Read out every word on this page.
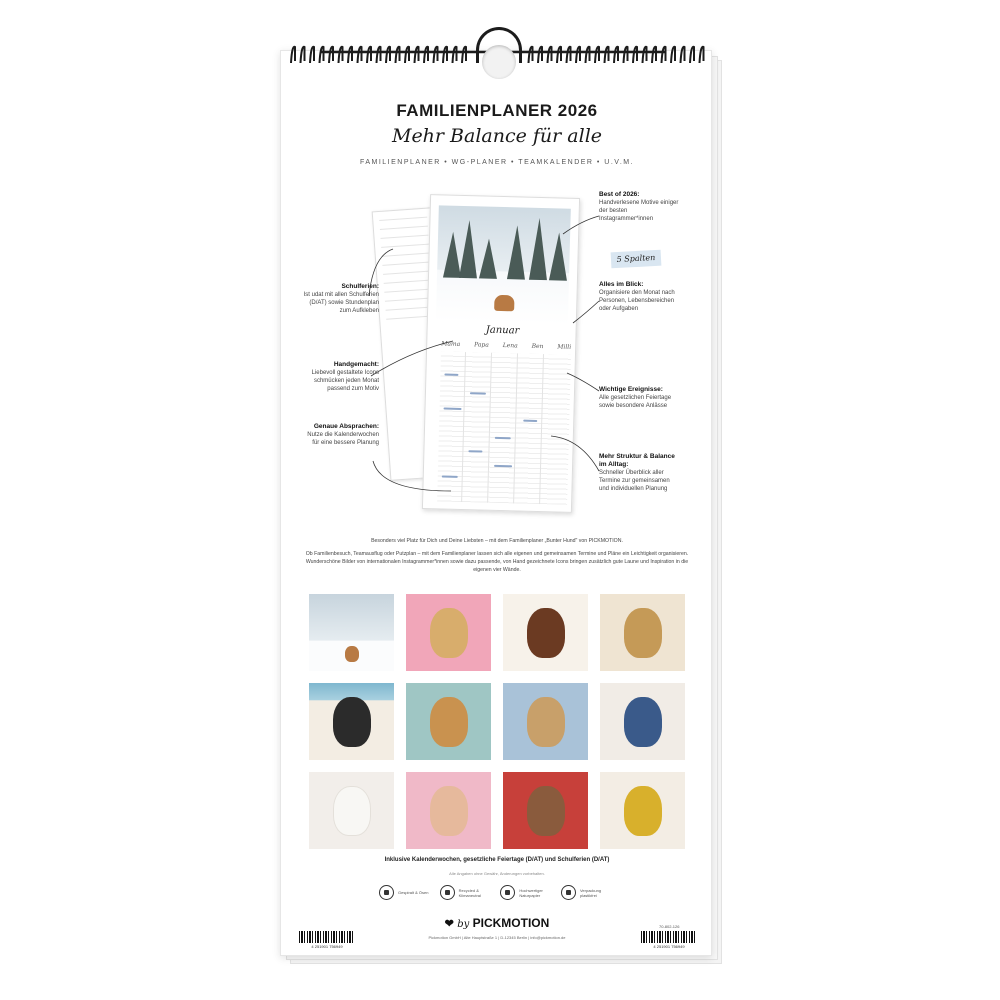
FAMILIENPLANER 2026
Mehr Balance für alle
FAMILIENPLANER • WG-PLANER • TEAMKALENDER • U.V.M.
Januar
Mama Papa Lena Ben Milli
5 Spalten
Best of 2026:
Handverlesene Motive einiger der besten Instagrammer*innen
Alles im Blick:
Organisiere den Monat nach Personen, Lebensbereichen oder Aufgaben
Wichtige Ereignisse:
Alle gesetzlichen Feiertage sowie besondere Anlässe
Mehr Struktur & Balance im Alltag:
Schneller Überblick aller Termine zur gemeinsamen und individuellen Planung
Schulferien:
Ist udat mit allen Schulferien (D/AT) sowie Stundenplan zum Aufkleben
Handgemacht:
Liebevoll gestaltete Icons schmücken jeden Monat passend zum Motiv
Genaue Absprachen:
Nutze die Kalenderwochen für eine bessere Planung
Besonders viel Platz für Dich und Deine Liebsten – mit dem Familienplaner „Bunter Hund" von PICKMOTION.
Ob Familienbesuch, Teamausflug oder Putzplan – mit dem Familienplaner lassen sich alle eigenen und gemeinsamen Termine und Pläne ein Leichtigkeit organisieren. Wunderschöne Bilder von internationalen Instagrammer*innen sowie dazu passende, von Hand gezeichnete Icons bringen zusätzlich gute Laune und Inspiration in die eigenen vier Wände.
Inklusive Kalenderwochen, gesetzliche Feiertage (D/AT) und Schulferien (D/AT)
Alle Angaben ohne Gewähr, Änderungen vorbehalten.
Gespiralt & Ösen	Recycled & Klimaneutral
Hochwertiger Naturpapier
Verpackung plastikfrei
❤ by PICKMOTION
Pickmotion GmbH | Alte Hauptstraße 1 | D-12345 Berlin | info@pickmotion.de
4 251901 756949
70-802-126
4 251901 756949
